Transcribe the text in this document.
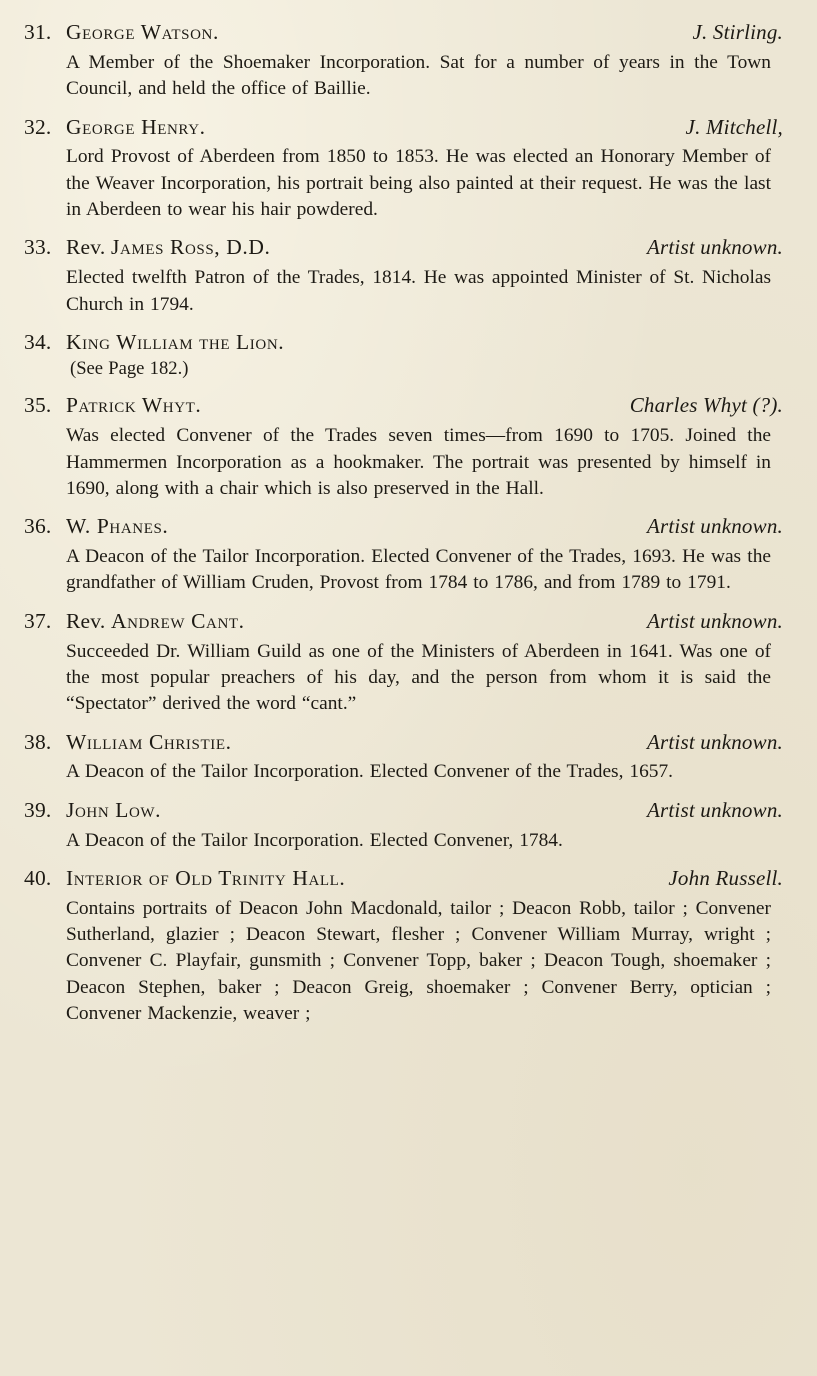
31. George Watson.	J. Stirling.
A Member of the Shoemaker Incorporation. Sat for a number of years in the Town Council, and held the office of Baillie.
32. George Henry.	J. Mitchell,
Lord Provost of Aberdeen from 1850 to 1853. He was elected an Honorary Member of the Weaver Incorporation, his portrait being also painted at their request. He was the last in Aberdeen to wear his hair powdered.
33. Rev. James Ross, D.D.	Artist unknown.
Elected twelfth Patron of the Trades, 1814. He was appointed Minister of St. Nicholas Church in 1794.
34. King William the Lion.
(See Page 182.)
35. Patrick Whyt.	Charles Whyt (?).
Was elected Convener of the Trades seven times—from 1690 to 1705. Joined the Hammermen Incorporation as a hookmaker. The portrait was presented by himself in 1690, along with a chair which is also preserved in the Hall.
36. W. Phanes.	Artist unknown.
A Deacon of the Tailor Incorporation. Elected Convener of the Trades, 1693. He was the grandfather of William Cruden, Provost from 1784 to 1786, and from 1789 to 1791.
37. Rev. Andrew Cant.	Artist unknown.
Succeeded Dr. William Guild as one of the Ministers of Aberdeen in 1641. Was one of the most popular preachers of his day, and the person from whom it is said the “Spectator” derived the word “cant.”
38. William Christie.	Artist unknown.
A Deacon of the Tailor Incorporation. Elected Convener of the Trades, 1657.
39. John Low.	Artist unknown.
A Deacon of the Tailor Incorporation. Elected Convener, 1784.
40. Interior of Old Trinity Hall.	John Russell.
Contains portraits of Deacon John Macdonald, tailor ; Deacon Robb, tailor ; Convener Sutherland, glazier ; Deacon Stewart, flesher ; Convener William Murray, wright ; Convener C. Playfair, gunsmith ; Convener Topp, baker ; Deacon Tough, shoemaker ; Deacon Stephen, baker ; Deacon Greig, shoemaker ; Convener Berry, optician ; Convener Mackenzie, weaver ;
